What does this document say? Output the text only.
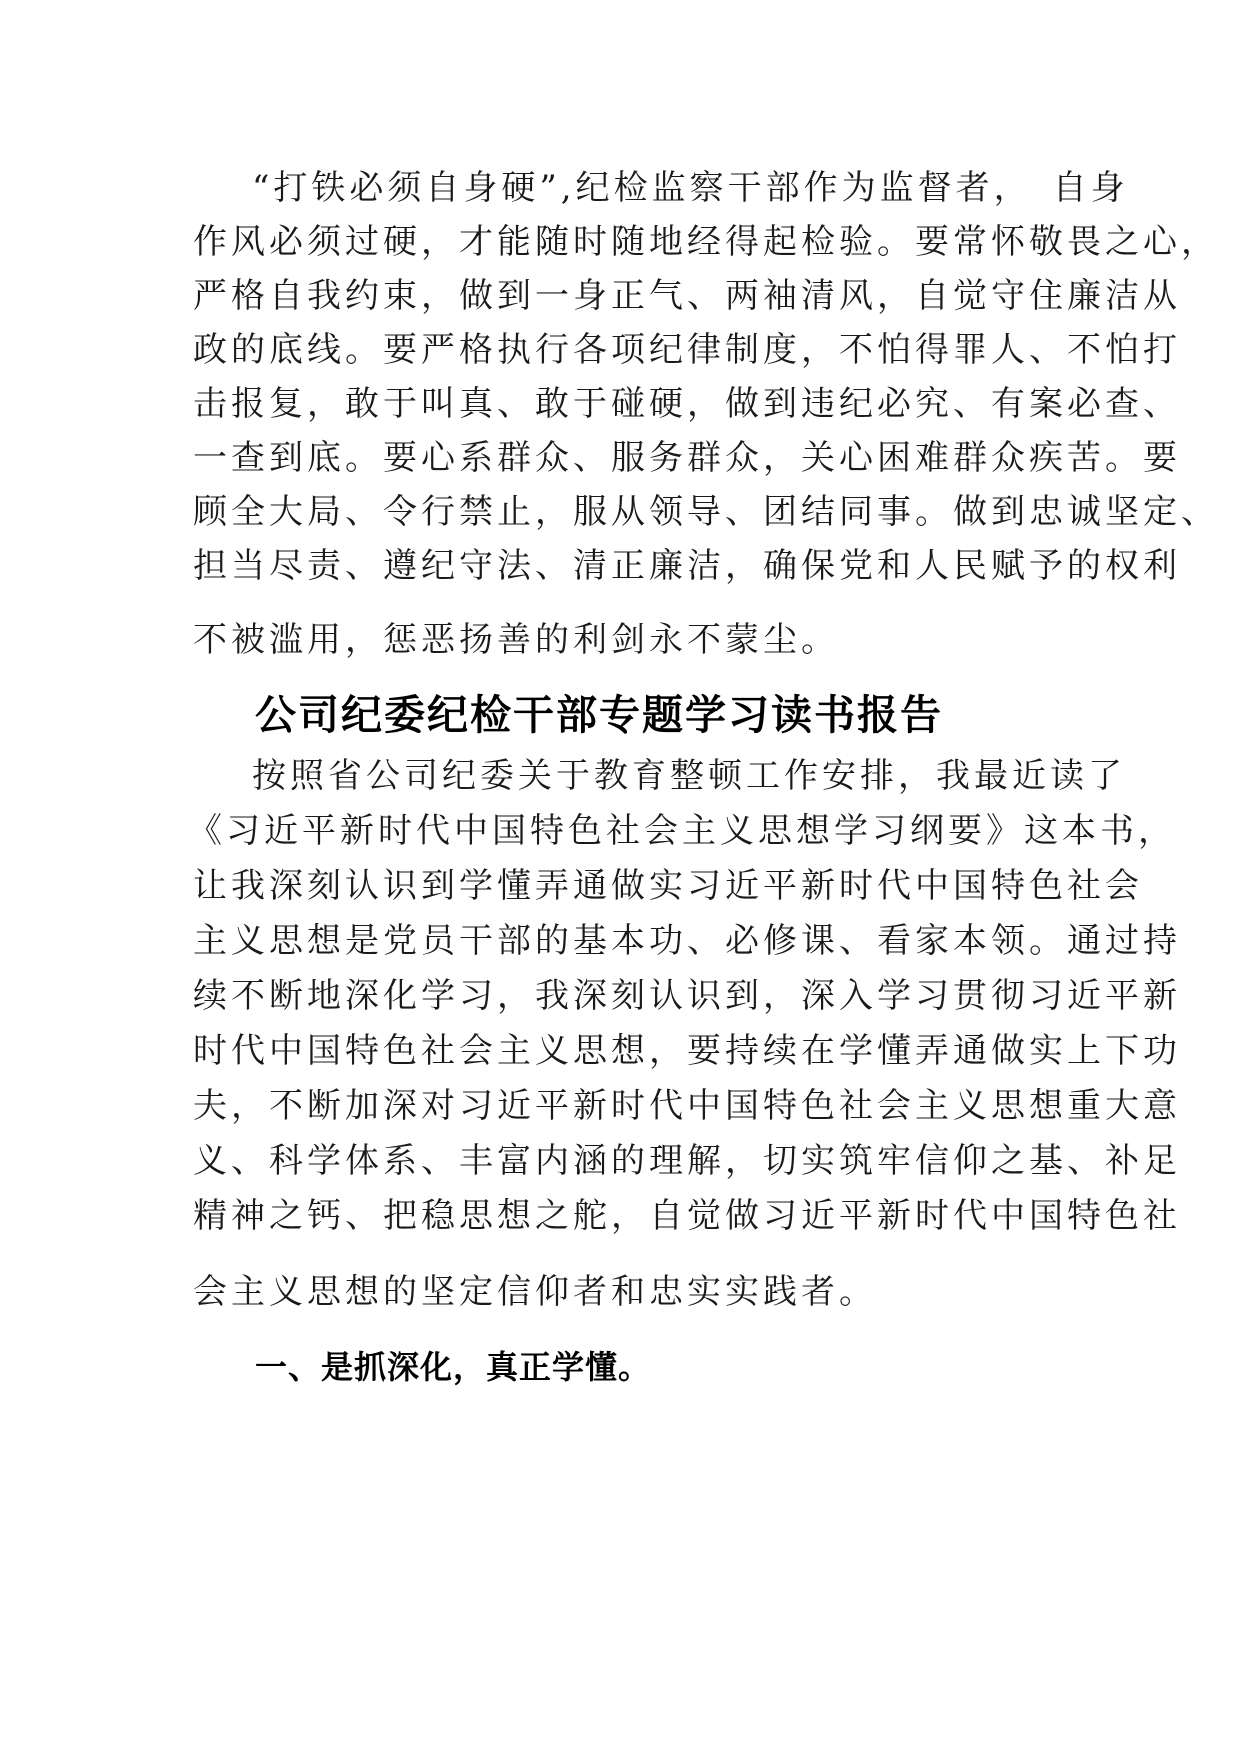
“打铁必须自身硬”,纪检监察干部作为监督者，　自身
作风必须过硬，才能随时随地经得起检验。要常怀敬畏之心，
严格自我约束，做到一身正气、两袖清风，自觉守住廉洁从
政的底线。要严格执行各项纪律制度，不怕得罪人、不怕打
击报复，敢于叫真、敢于碰硬，做到违纪必究、有案必查、
一查到底。要心系群众、服务群众，关心困难群众疾苦。要
顾全大局、令行禁止，服从领导、团结同事。做到忠诚坚定、
担当尽责、遵纪守法、清正廉洁，确保党和人民赋予的权利
不被滥用，惩恶扬善的利剑永不蒙尘。
公司纪委纪检干部专题学习读书报告
按照省公司纪委关于教育整顿工作安排，我最近读了
《习近平新时代中国特色社会主义思想学习纲要》这本书，
让我深刻认识到学懂弄通做实习近平新时代中国特色社会
主义思想是党员干部的基本功、必修课、看家本领。通过持
续不断地深化学习，我深刻认识到，深入学习贯彻习近平新
时代中国特色社会主义思想，要持续在学懂弄通做实上下功
夫，不断加深对习近平新时代中国特色社会主义思想重大意
义、科学体系、丰富内涵的理解，切实筑牢信仰之基、补足
精神之钙、把稳思想之舵，自觉做习近平新时代中国特色社
会主义思想的坚定信仰者和忠实实践者。
一、是抓深化，真正学懂。
